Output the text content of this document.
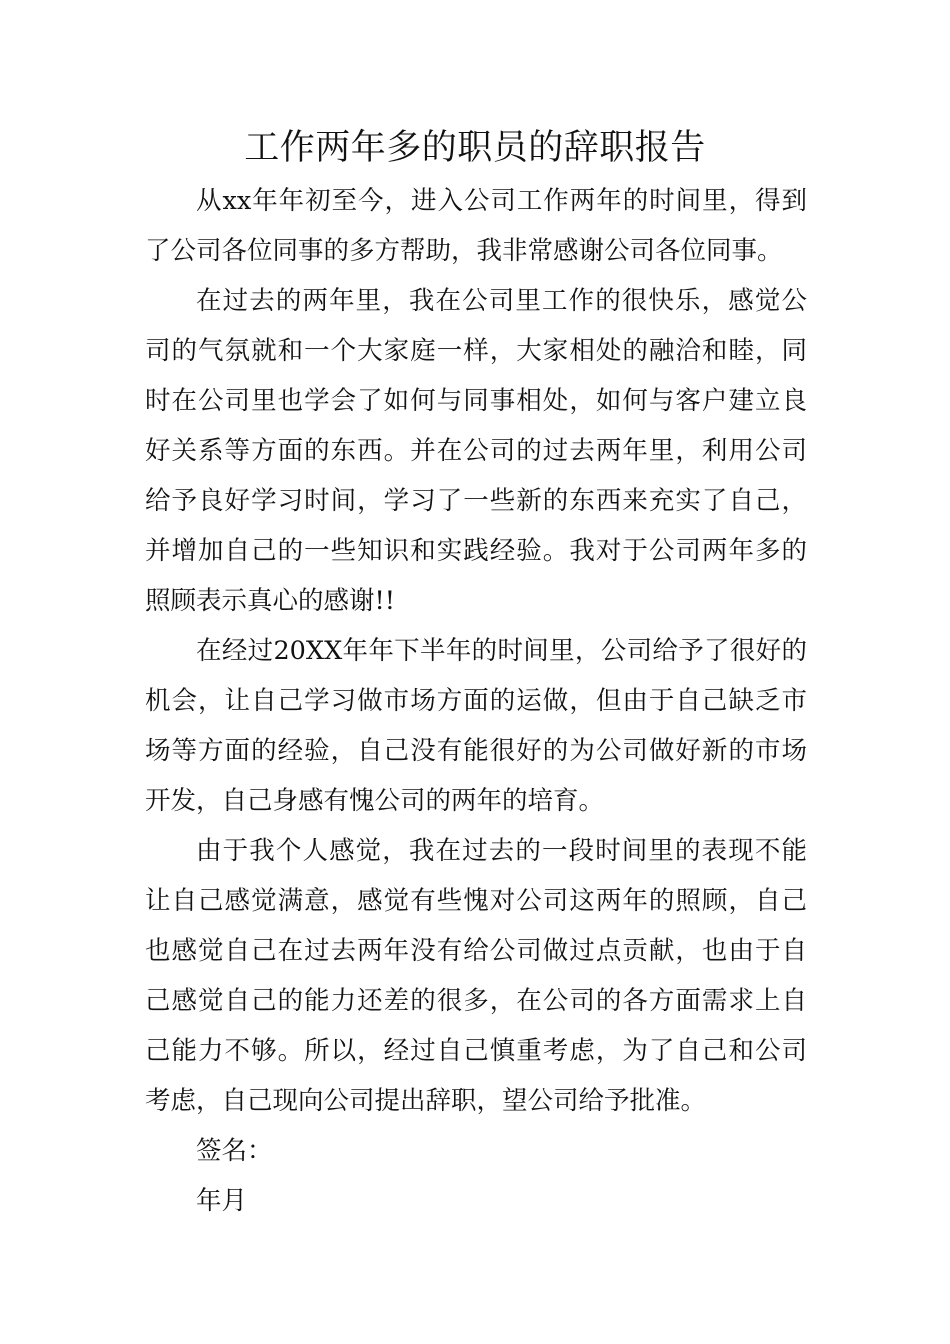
工作两年多的职员的辞职报告

从xx年年初至今，进入公司工作两年的时间里，得到了公司各位同事的多方帮助，我非常感谢公司各位同事。

在过去的两年里，我在公司里工作的很快乐，感觉公司的气氛就和一个大家庭一样，大家相处的融洽和睦，同时在公司里也学会了如何与同事相处，如何与客户建立良好关系等方面的东西。并在公司的过去两年里，利用公司给予良好学习时间，学习了一些新的东西来充实了自己，并增加自己的一些知识和实践经验。我对于公司两年多的照顾表示真心的感谢!!

在经过20XX年年下半年的时间里，公司给予了很好的机会，让自己学习做市场方面的运做，但由于自己缺乏市场等方面的经验，自己没有能很好的为公司做好新的市场开发，自己身感有愧公司的两年的培育。

由于我个人感觉，我在过去的一段时间里的表现不能让自己感觉满意，感觉有些愧对公司这两年的照顾，自己也感觉自己在过去两年没有给公司做过点贡献，也由于自己感觉自己的能力还差的很多，在公司的各方面需求上自己能力不够。所以，经过自己慎重考虑，为了自己和公司考虑，自己现向公司提出辞职，望公司给予批准。

签名：

年月
